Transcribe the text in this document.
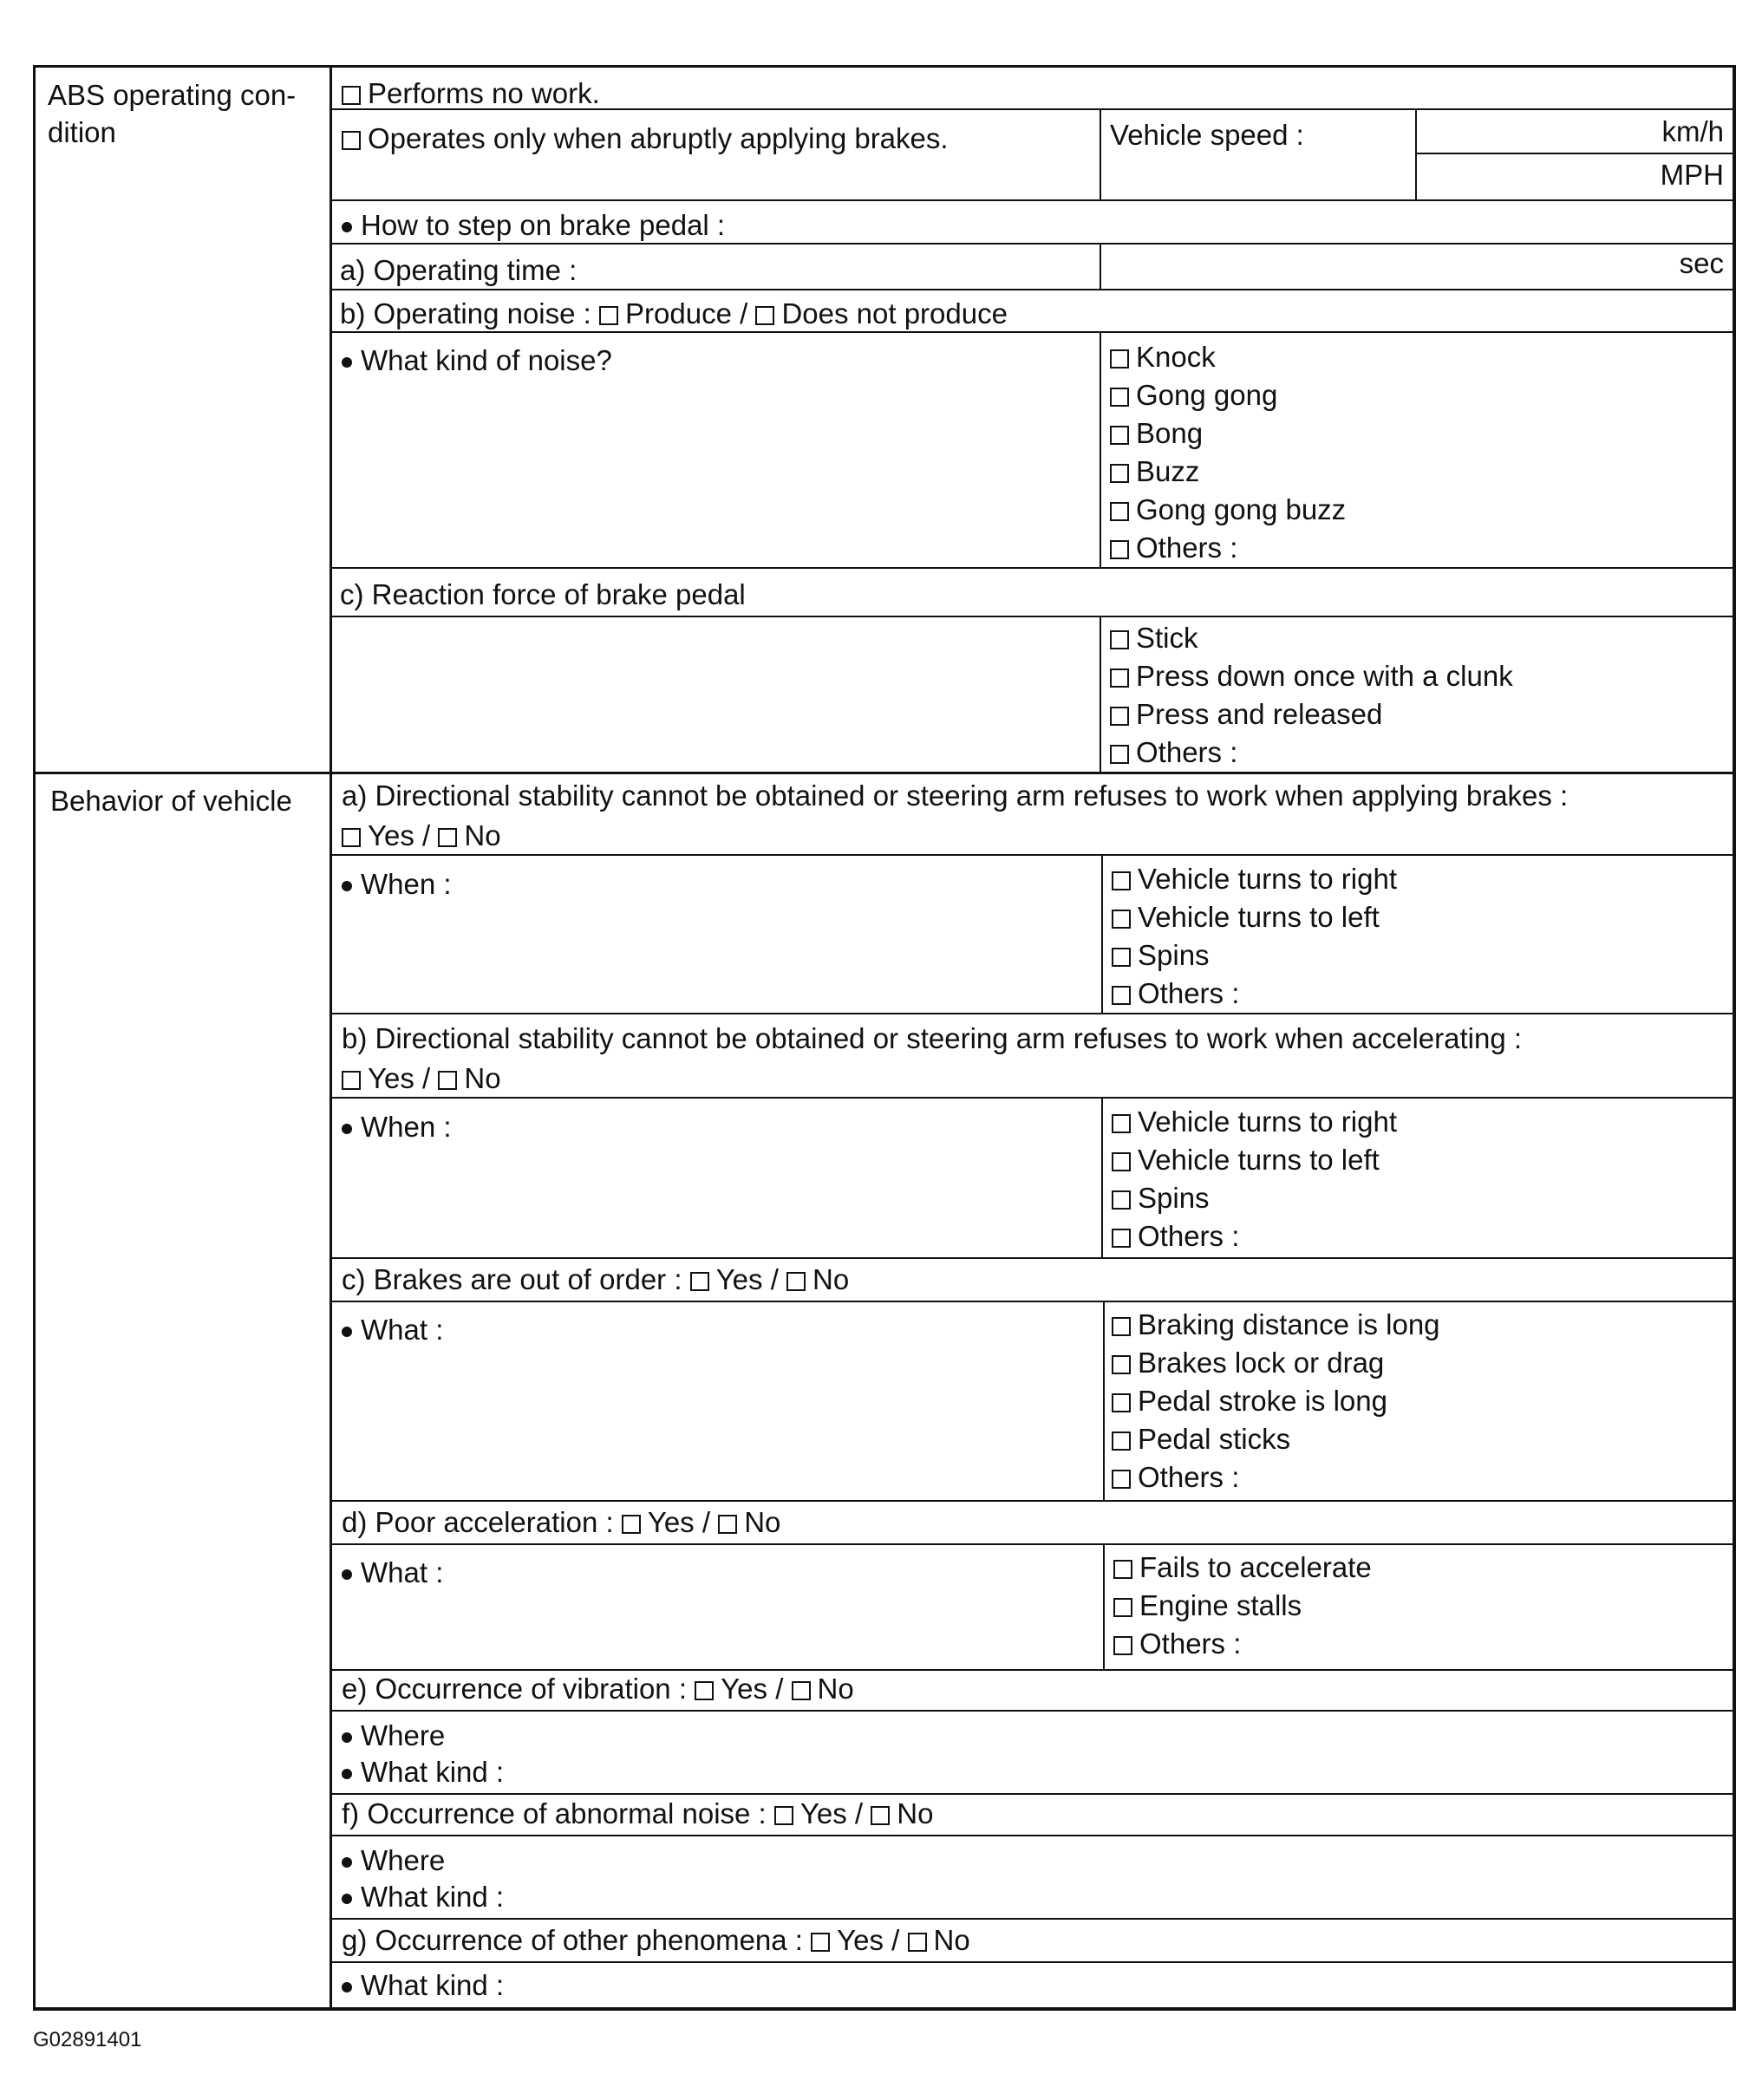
ABS operating con- dition
Behavior of vehicle
Performs no work.
Operates only when abruptly applying brakes.	Vehicle speed :	km/h
MPH
How to step on brake pedal :
a) Operating time :	sec
b) Operating noise : Produce / Does not produce
What kind of noise?	Knock
Gong gong
Bong
Buzz
Gong gong buzz
Others :
c) Reaction force of brake pedal
Stick
Press down once with a clunk
Press and released
Others :
a) Directional stability cannot be obtained or steering arm refuses to work when applying brakes :
Yes / No
When :	Vehicle turns to right
Vehicle turns to left
Spins
Others :
b) Directional stability cannot be obtained or steering arm refuses to work when accelerating :
Yes / No
When :	Vehicle turns to right
Vehicle turns to left
Spins
Others :
c) Brakes are out of order : Yes / No
What :	Braking distance is long
Brakes lock or drag
Pedal stroke is long
Pedal sticks
Others :
d) Poor acceleration : Yes / No
What :	Fails to accelerate
Engine stalls
Others :
e) Occurrence of vibration : Yes / No
Where
What kind :
f) Occurrence of abnormal noise : Yes / No
Where
What kind :
g) Occurrence of other phenomena : Yes / No
What kind :
G02891401
